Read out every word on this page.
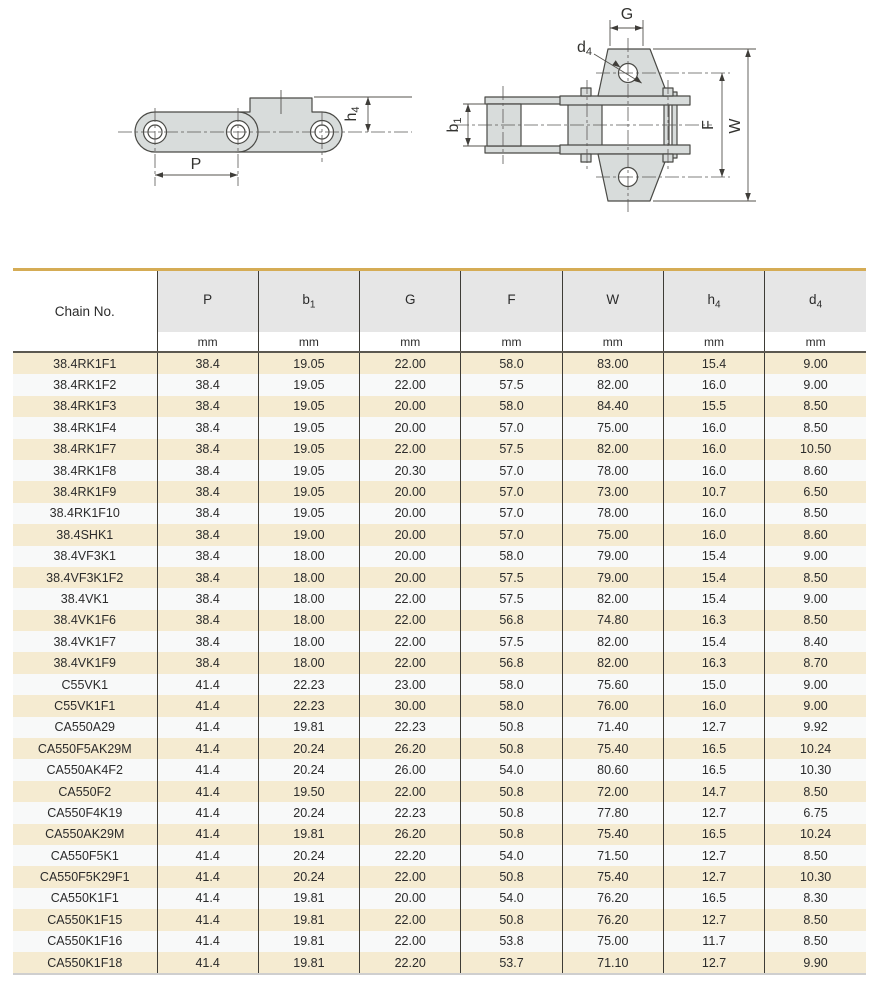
P
h4
G
d4
b1	F W
Chain No.	P	$b_1$	G	F	W	$h_4$	$d_4$
	mm	mm	mm	mm	mm	mm	mm
38.4RK1F1	38.4	19.05	22.00	58.0	83.00	15.4	9.00
38.4RK1F2	38.4	19.05	22.00	57.5	82.00	16.0	9.00
38.4RK1F3	38.4	19.05	20.00	58.0	84.40	15.5	8.50
38.4RK1F4	38.4	19.05	20.00	57.0	75.00	16.0	8.50
38.4RK1F7	38.4	19.05	22.00	57.5	82.00	16.0	10.50
38.4RK1F8	38.4	19.05	20.30	57.0	78.00	16.0	8.60
38.4RK1F9	38.4	19.05	20.00	57.0	73.00	10.7	6.50
38.4RK1F10	38.4	19.05	20.00	57.0	78.00	16.0	8.50
38.4SHK1	38.4	19.00	20.00	57.0	75.00	16.0	8.60
38.4VF3K1	38.4	18.00	20.00	58.0	79.00	15.4	9.00
38.4VF3K1F2	38.4	18.00	20.00	57.5	79.00	15.4	8.50
38.4VK1	38.4	18.00	22.00	57.5	82.00	15.4	9.00
38.4VK1F6	38.4	18.00	22.00	56.8	74.80	16.3	8.50
38.4VK1F7	38.4	18.00	22.00	57.5	82.00	15.4	8.40
38.4VK1F9	38.4	18.00	22.00	56.8	82.00	16.3	8.70
C55VK1	41.4	22.23	23.00	58.0	75.60	15.0	9.00
C55VK1F1	41.4	22.23	30.00	58.0	76.00	16.0	9.00
CA550A29	41.4	19.81	22.23	50.8	71.40	12.7	9.92
CA550F5AK29M	41.4	20.24	26.20	50.8	75.40	16.5	10.24
CA550AK4F2	41.4	20.24	26.00	54.0	80.60	16.5	10.30
CA550F2	41.4	19.50	22.00	50.8	72.00	14.7	8.50
CA550F4K19	41.4	20.24	22.23	50.8	77.80	12.7	6.75
CA550AK29M	41.4	19.81	26.20	50.8	75.40	16.5	10.24
CA550F5K1	41.4	20.24	22.20	54.0	71.50	12.7	8.50
CA550F5K29F1	41.4	20.24	22.00	50.8	75.40	12.7	10.30
CA550K1F1	41.4	19.81	20.00	54.0	76.20	16.5	8.30
CA550K1F15	41.4	19.81	22.00	50.8	76.20	12.7	8.50
CA550K1F16	41.4	19.81	22.00	53.8	75.00	11.7	8.50
CA550K1F18	41.4	19.81	22.20	53.7	71.10	12.7	9.90
